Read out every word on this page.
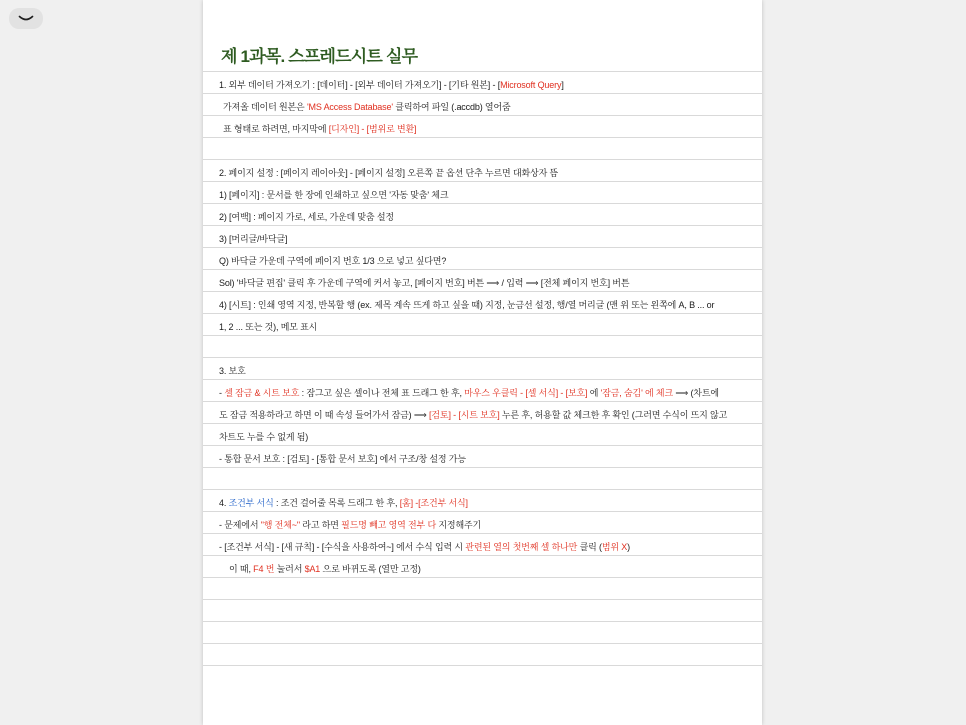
제 1과목. 스프레드시트 실무
1. 외부 데이터 가져오기 : [데이터] - [외부 데이터 가져오기] - [기타 원본] - [Microsoft Query]
가져올 데이터 원본은 'MS Access Database' 클릭하여 파일 (.accdb) 열어줌
표 형태로 하려면, 마지막에 [디자인] - [범위로 변환]
2. 페이지 설정 : [페이지 레이아웃] - [페이지 설정] 오른쪽 끝 옵션 단추 누르면 대화상자 뜸
1) [페이지] : 문서를 한 장에 인쇄하고 싶으면 '자동 맞춤' 체크
2) [여백] : 페이지 가로, 세로, 가운데 맞춤 설정
3) [머리글/바닥글]
Q) 바닥글 가운데 구역에 페이지 번호 1/3 으로 넣고 싶다면?
Sol) '바닥글 편집' 클릭 후 가운데 구역에 커서 놓고, [페이지 번호] 버튼 ⟹ / 입력 ⟹ [전체 페이지 번호] 버튼
4) [시트] : 인쇄 영역 지정, 반복할 행 (ex. 제목 계속 뜨게 하고 싶을 때) 지정, 눈금선 설정, 행/열 머리글 (맨 위 또는 왼쪽에 A, B ... or
1, 2 ... 또는 것), 메모 표시
3. 보호
- 셀 잠금 & 시트 보호 : 잠그고 싶은 셀이나 전체 표 드래그 한 후, 마우스 우클릭 - [셀 서식] - [보호] 에 '잠금, 숨김' 에 체크 ⟹ (차트에
도 잠금 적용하라고 하면 이 때 속성 들어가서 잠금) ⟹ [검토] - [시트 보호] 누른 후, 허용할 값 체크한 후 확인 (그러면 수식이 뜨지 않고
차트도 누를 수 없게 됨)
- 통합 문서 보호 : [검토] - [통합 문서 보호] 에서 구조/창 설정 가능
4. 조건부 서식 : 조건 걸어줄 목록 드래그 한 후, [홈] -[조건부 서식]
- 문제에서 "행 전체~" 라고 하면 필드명 빼고 영역 전부 다 지정해주기
- [조건부 서식] - [새 규칙] - [수식을 사용하여~] 에서 수식 입력 시 관련된 열의 첫번째 셀 하나만 클릭 (범위 X)
이 때, F4 번 눌러서 $A1 으로 바뀌도록 (열만 고정)
